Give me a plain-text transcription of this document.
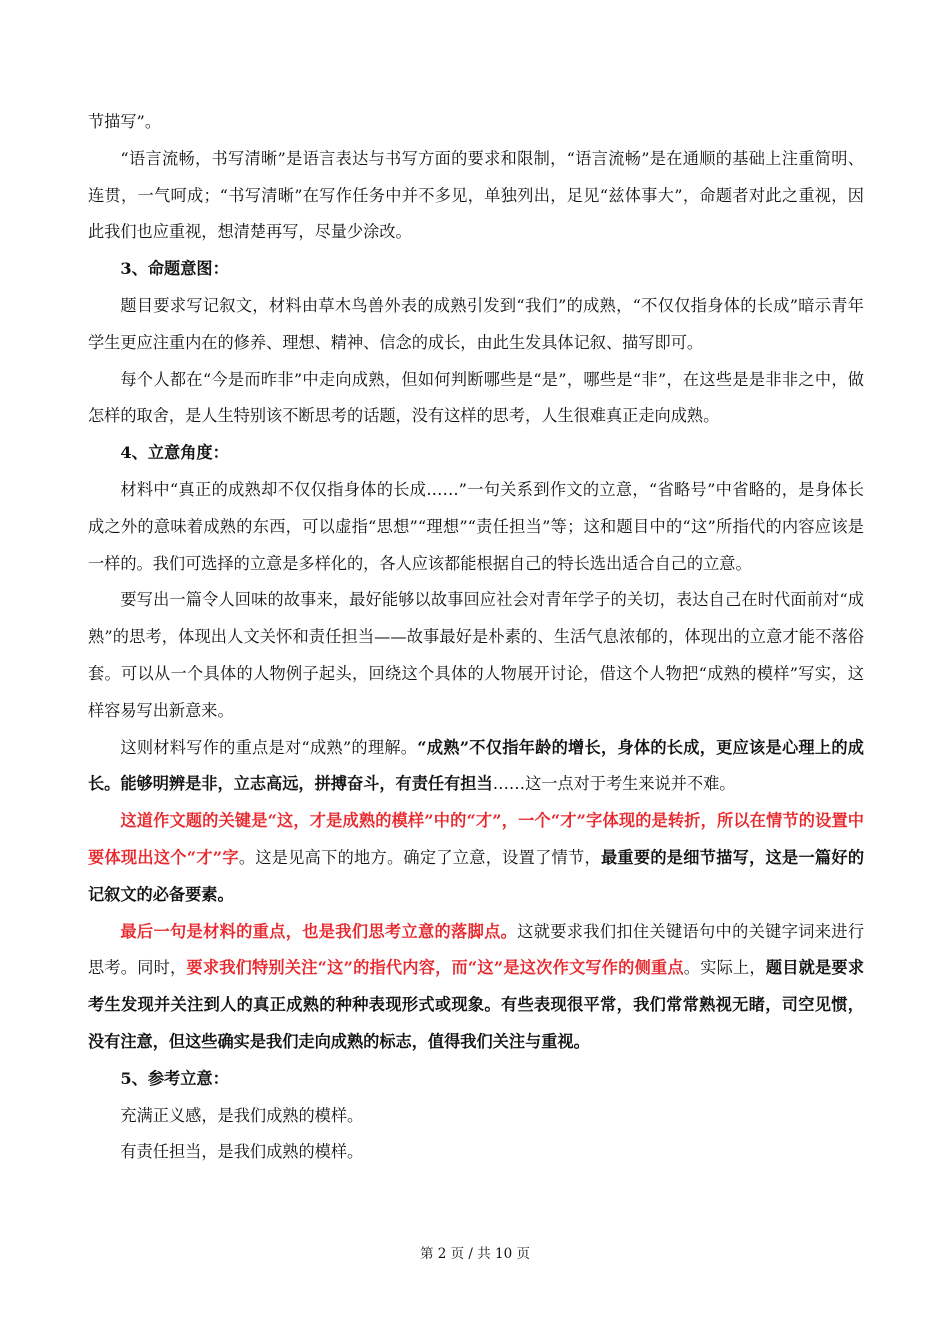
节描写”。

“语言流畅，书写清晰”是语言表达与书写方面的要求和限制，“语言流畅”是在通顺的基础上注重简明、连贯，一气呵成；“书写清晰”在写作任务中并不多见，单独列出，足见“兹体事大”，命题者对此之重视，因此我们也应重视，想清楚再写，尽量少涂改。

3、命题意图：

题目要求写记叙文，材料由草木鸟兽外表的成熟引发到“我们”的成熟，“不仅仅指身体的长成”暗示青年学生更应注重内在的修养、理想、精神、信念的成长，由此生发具体记叙、描写即可。

每个人都在“今是而昨非”中走向成熟，但如何判断哪些是“是”，哪些是“非”，在这些是是非非之中，做怎样的取舍，是人生特别该不断思考的话题，没有这样的思考，人生很难真正走向成熟。

4、立意角度：

材料中“真正的成熟却不仅仅指身体的长成……”一句关系到作文的立意，“省略号”中省略的，是身体长成之外的意味着成熟的东西，可以虚指“思想”“理想”“责任担当”等；这和题目中的“这”所指代的内容应该是一样的。我们可选择的立意是多样化的，各人应该都能根据自己的特长选出适合自己的立意。

要写出一篇令人回味的故事来，最好能够以故事回应社会对青年学子的关切，表达自己在时代面前对“成熟”的思考，体现出人文关怀和责任担当——故事最好是朴素的、生活气息浓郁的，体现出的立意才能不落俗套。可以从一个具体的人物例子起头，回绕这个具体的人物展开讨论，借这个人物把“成熟的模样”写实，这样容易写出新意来。

这则材料写作的重点是对“成熟”的理解。“成熟”不仅指年龄的增长，身体的长成，更应该是心理上的成长。能够明辨是非，立志高远，拼搏奋斗，有责任有担当……这一点对于考生来说并不难。

这道作文题的关键是“这，才是成熟的模样”中的“才”，一个“才”字体现的是转折，所以在情节的设置中要体现出这个“才”字。这是见高下的地方。确定了立意，设置了情节，最重要的是细节描写，这是一篇好的记叙文的必备要素。

最后一句是材料的重点，也是我们思考立意的落脚点。这就要求我们扣住关键语句中的关键字词来进行思考。同时，要求我们特别关注“这”的指代内容，而“这”是这次作文写作的侧重点。实际上，题目就是要求考生发现并关注到人的真正成熟的种种表现形式或现象。有些表现很平常，我们常常熟视无睹，司空见惯，没有注意，但这些确实是我们走向成熟的标志，值得我们关注与重视。

5、参考立意：

充满正义感，是我们成熟的模样。

有责任担当，是我们成熟的模样。

第 2 页 / 共 10 页
